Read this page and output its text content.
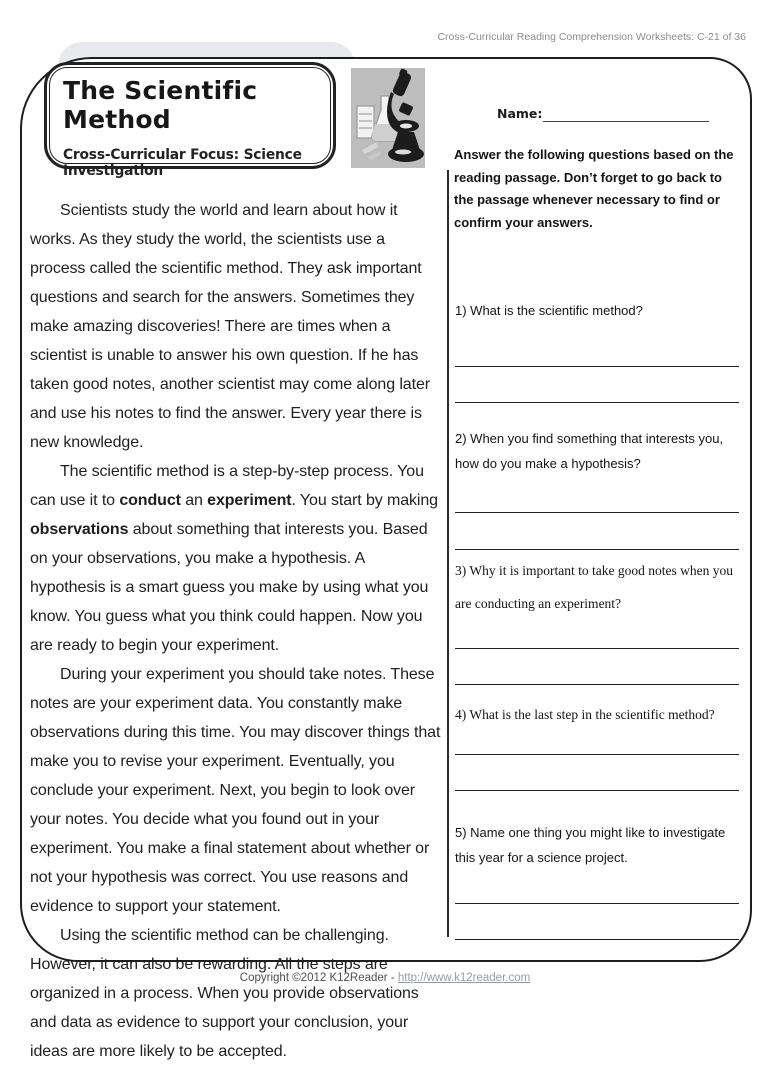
Cross-Curricular Reading Comprehension Worksheets: C-21 of 36
The Scientific Method
Cross-Curricular Focus: Science Investigation
Name:
Answer the following questions based on the reading passage. Don’t forget to go back to the passage whenever necessary to find or confirm your answers.

Scientists study the world and learn about how it works. As they study the world, the scientists use a process called the scientific method. They ask important questions and search for the answers. Sometimes they make amazing discoveries! There are times when a scientist is unable to answer his own question. If he has taken good notes, another scientist may come along later and use his notes to find the answer. Every year there is new knowledge.

The scientific method is a step-by-step process. You can use it to conduct an experiment. You start by making observations about something that interests you. Based on your observations, you make a hypothesis. A hypothesis is a smart guess you make by using what you know. You guess what you think could happen. Now you are ready to begin your experiment.

During your experiment you should take notes. These notes are your experiment data. You constantly make observations during this time. You may discover things that make you to revise your experiment. Eventually, you conclude your experiment. Next, you begin to look over your notes. You decide what you found out in your experiment. You make a final statement about whether or not your hypothesis was correct. You use reasons and evidence to support your statement.

Using the scientific method can be challenging. However, it can also be rewarding. All the steps are organized in a process. When you provide observations and data as evidence to support your conclusion, your ideas are more likely to be accepted.

1) What is the scientific method?
2) When you find something that interests you, how do you make a hypothesis?
3) Why it is important to take good notes when you are conducting an experiment?
4) What is the last step in the scientific method?
5) Name one thing you might like to investigate this year for a science project.
Copyright ©2012 K12Reader - http://www.k12reader.com
